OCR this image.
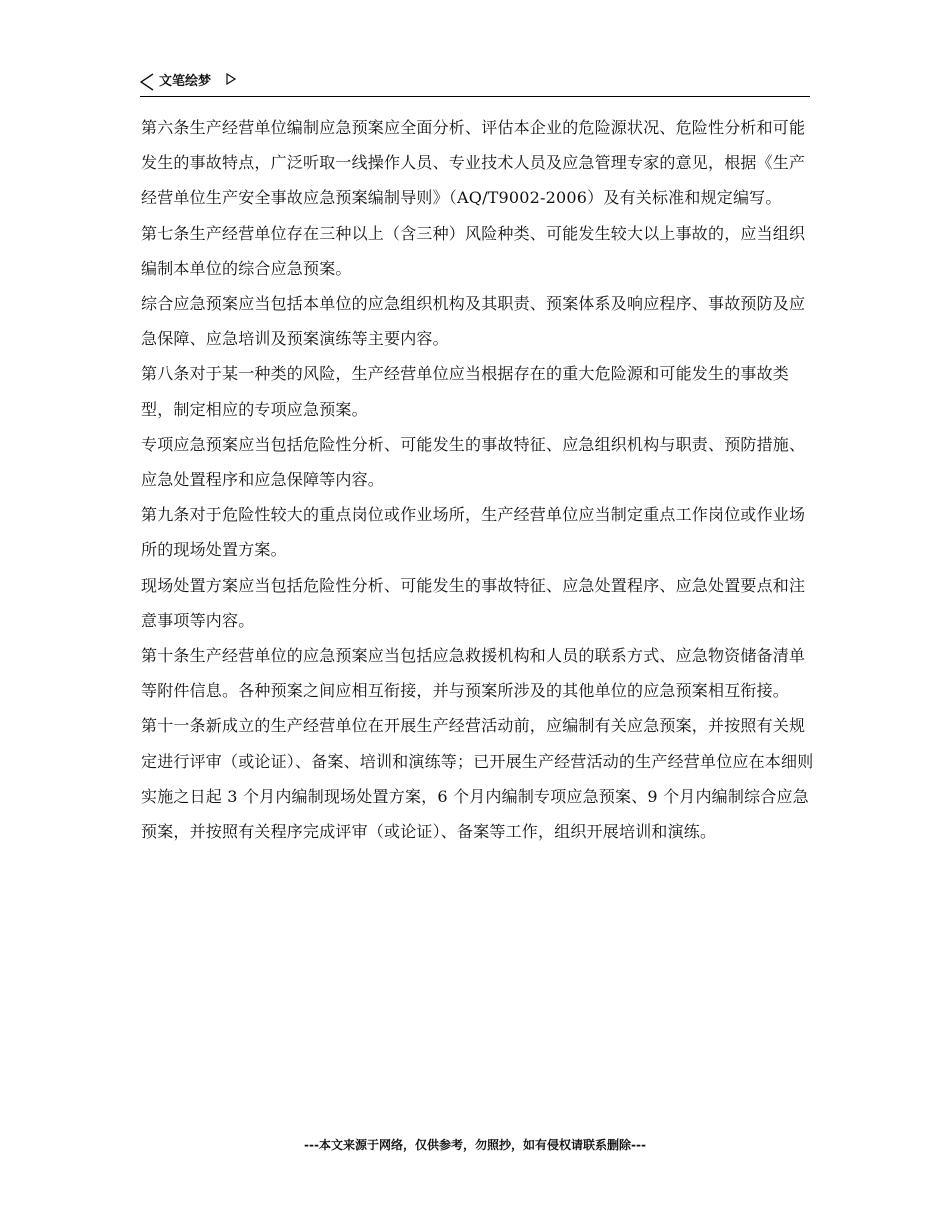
文笔绘梦

第六条生产经营单位编制应急预案应全面分析、评估本企业的危险源状况、危险性分析和可能发生的事故特点，广泛听取一线操作人员、专业技术人员及应急管理专家的意见，根据《生产经营单位生产安全事故应急预案编制导则》（AQ/T9002-2006）及有关标准和规定编写。

第七条生产经营单位存在三种以上（含三种）风险种类、可能发生较大以上事故的，应当组织编制本单位的综合应急预案。

综合应急预案应当包括本单位的应急组织机构及其职责、预案体系及响应程序、事故预防及应急保障、应急培训及预案演练等主要内容。

第八条对于某一种类的风险，生产经营单位应当根据存在的重大危险源和可能发生的事故类型，制定相应的专项应急预案。

专项应急预案应当包括危险性分析、可能发生的事故特征、应急组织机构与职责、预防措施、应急处置程序和应急保障等内容。

第九条对于危险性较大的重点岗位或作业场所，生产经营单位应当制定重点工作岗位或作业场所的现场处置方案。

现场处置方案应当包括危险性分析、可能发生的事故特征、应急处置程序、应急处置要点和注意事项等内容。

第十条生产经营单位的应急预案应当包括应急救援机构和人员的联系方式、应急物资储备清单等附件信息。各种预案之间应相互衔接，并与预案所涉及的其他单位的应急预案相互衔接。

第十一条新成立的生产经营单位在开展生产经营活动前，应编制有关应急预案，并按照有关规定进行评审（或论证）、备案、培训和演练等；已开展生产经营活动的生产经营单位应在本细则实施之日起 3 个月内编制现场处置方案，6 个月内编制专项应急预案、9 个月内编制综合应急预案，并按照有关程序完成评审（或论证）、备案等工作，组织开展培训和演练。

---本文来源于网络，仅供参考，勿照抄，如有侵权请联系删除---
